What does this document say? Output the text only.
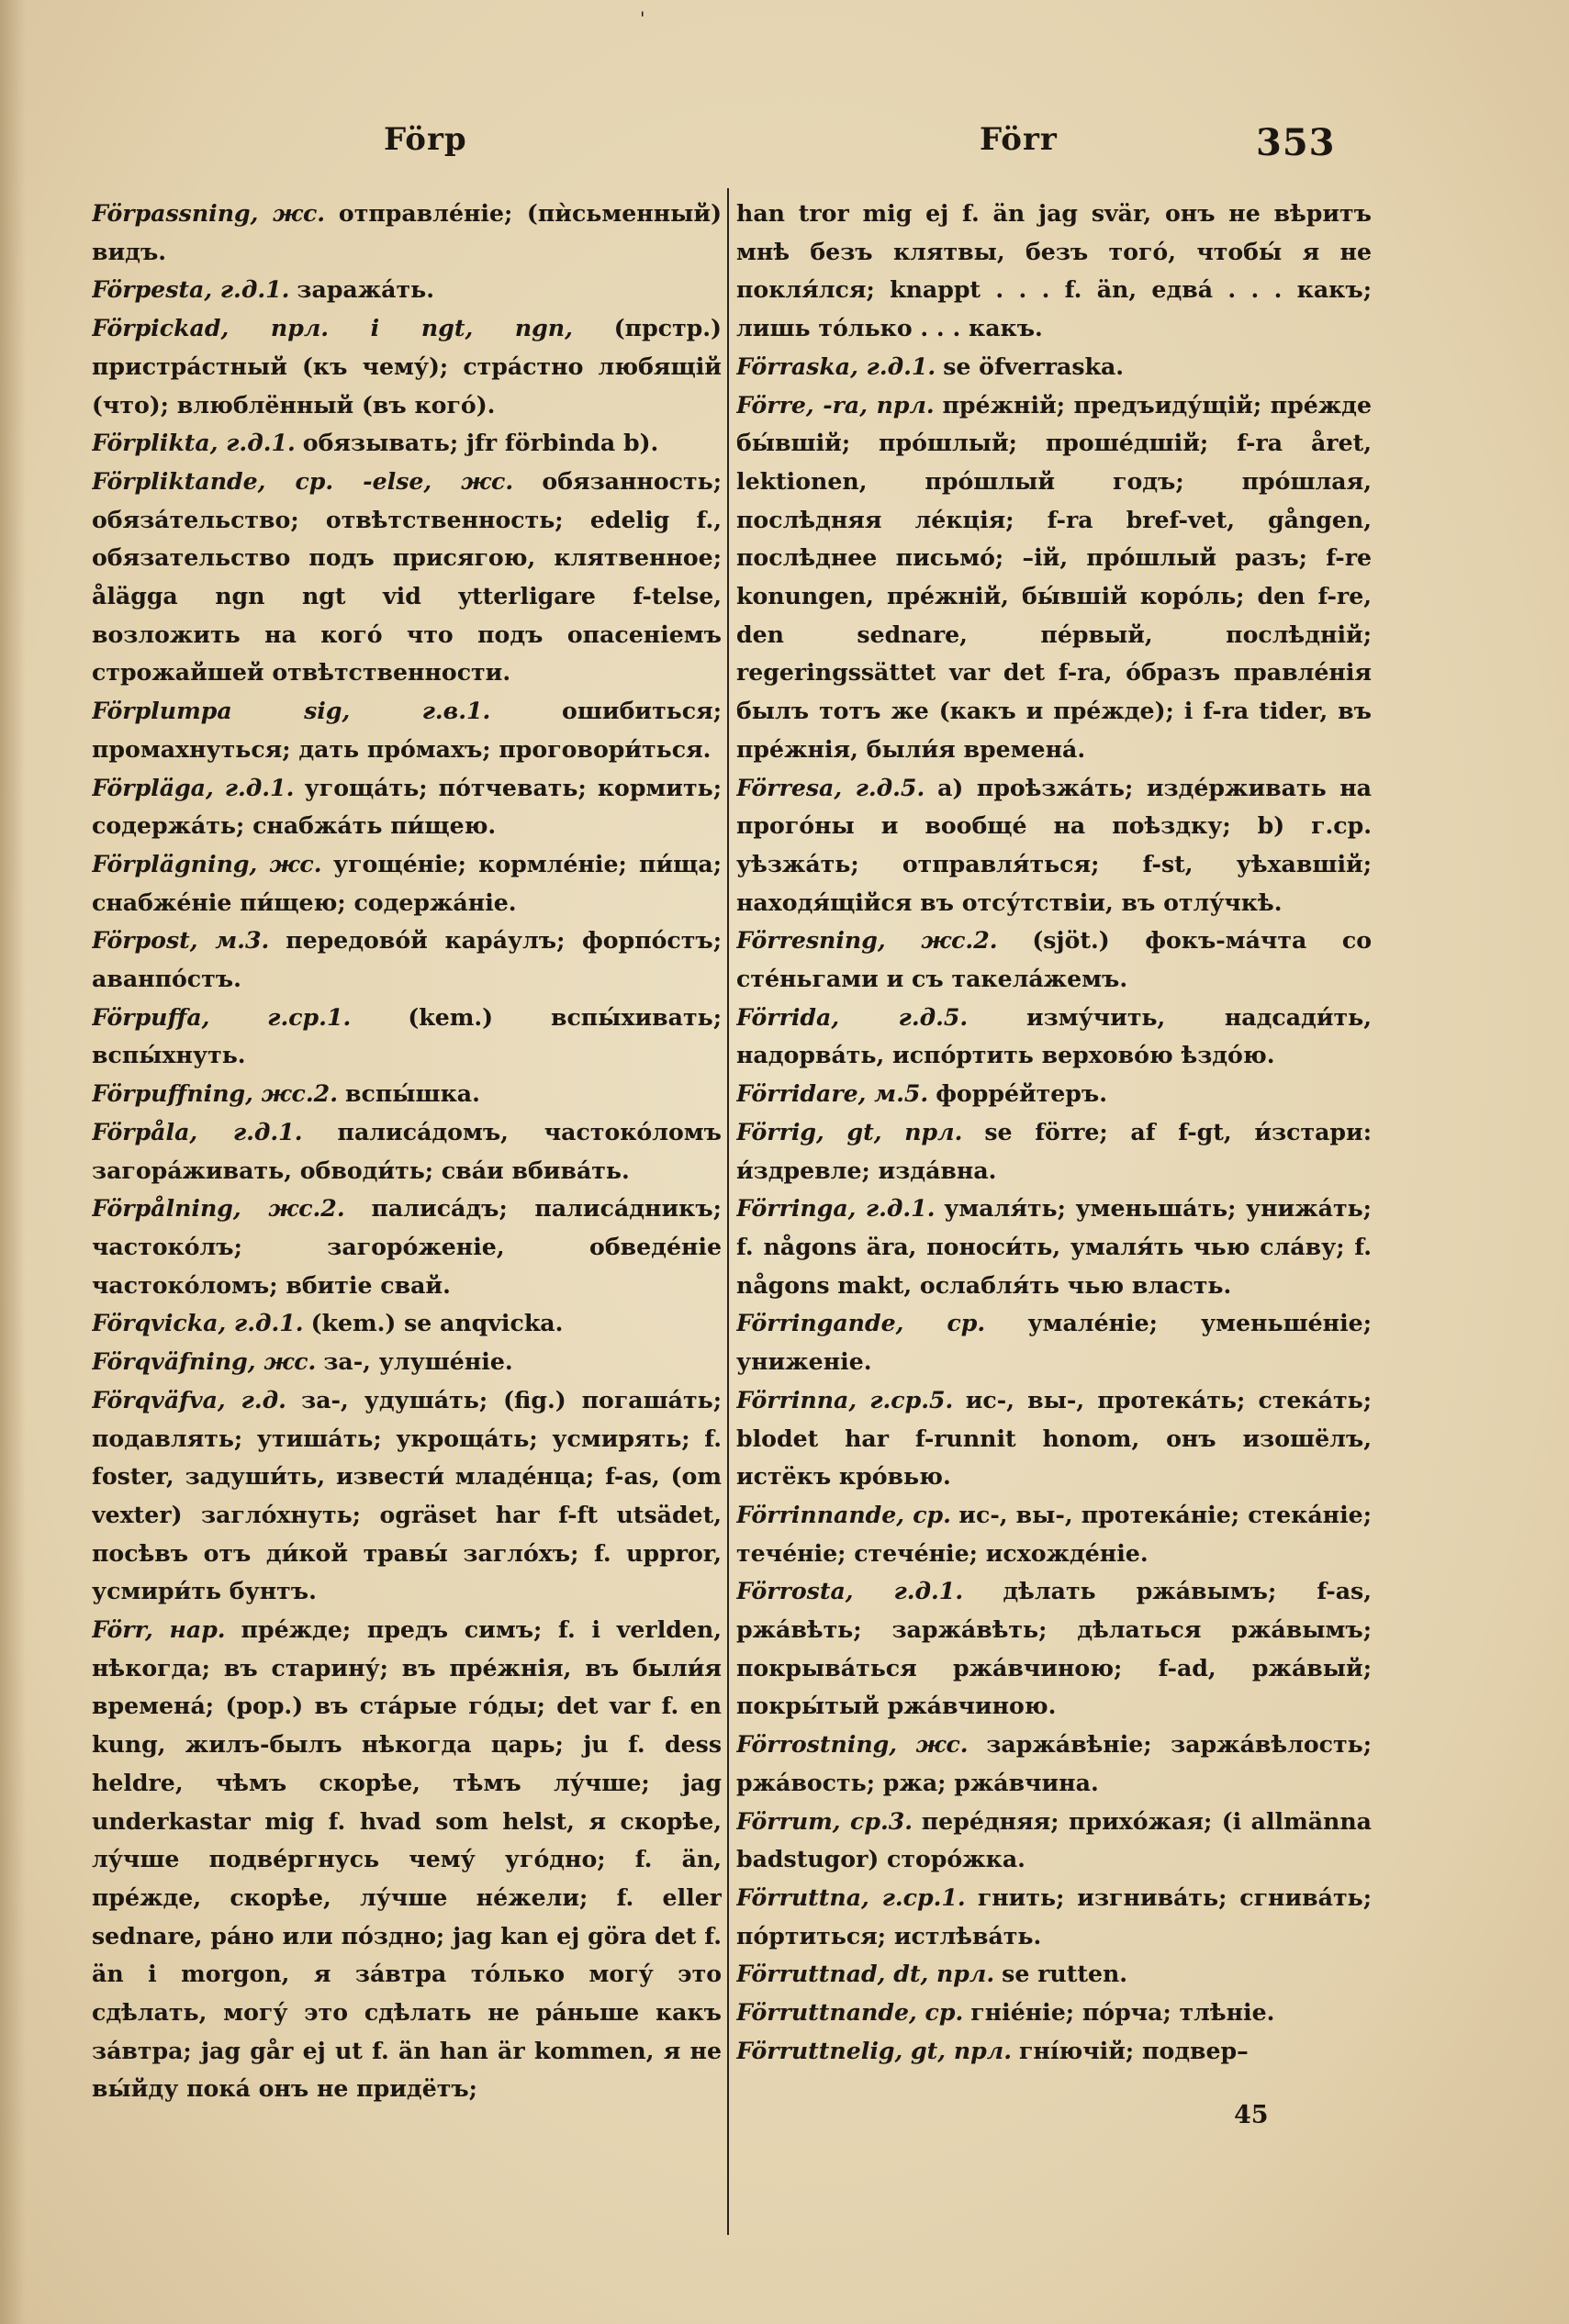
'
Förp	Förr	353

Förpassning, жс. отправлéніе; (пѝсьменный) видъ.

Förpesta, г.д.1. заражáть.

Förpickad, прл. i ngt, ngn, (прстр.) пристрáстный (къ чему́); стрáстно любящій (что); влюблённый (въ когó).

Förplikta, г.д.1. обязывать; jfr förbinda b).

Förpliktande, ср. -else, жс. обязанность; обязáтельство; отвѣтственность; edelig f., обязательство подъ присягою, клятвенное; ålägga ngn ngt vid ytterligare f-telse, возложить на когó что подъ опасеніемъ строжайшей отвѣтственности.

Förplumpa sig, г.в.1.	ошибиться; промахнуться; дать прóмахъ; проговори́ться.

Förpläga, г.д.1. угощáть; пóтчевать; кормить; содержáть; снабжáть пи́щею.

Förplägning, жс. угощéніе; кормлéніе; пи́ща; снабжéніе пи́щею; содержáніе.

Förpost, м.3. передовóй карáулъ; форпóстъ; аванпóстъ.

Förpuffa, г.ср.1. (kem.) вспы́хивать; вспы́хнуть.

Förpuffning, жс.2. вспы́шка.

Förpåla, г.д.1. палисáдомъ, частокóломъ загорáживать, обводи́ть; свáи вбивáть.

Förpålning, жс.2. палисáдъ; палисáдникъ; частокóлъ; загорóженіе, обведéніе частокóломъ; вбитіе свай.

Förqvicka, г.д.1. (kem.) se anqvicka.

Förqväfning, жс. за-, улушéніе.

Förqväfva, г.д. за-, удушáть; (fig.) погашáть; подавлять; утишáть; укрощáть; усмирять; f. foster, задуши́ть, извести́ младéнца; f-as, (om vexter) заглóхнуть; ogräset har f-ft utsädet, посѣвъ отъ ди́кой травы́ заглóхъ; f. uppror, усмири́ть бунтъ.

Förr, нар. прéжде; предъ симъ; f. i verlden, нѣкогда; въ старину́; въ прéжнія, въ были́я временá; (рор.) въ стáрые гóды; det var f. en kung, жилъ-былъ нѣкогда царь; ju f. dess heldre, чѣмъ скорѣе, тѣмъ лу́чше; jag underkastar mig f. hvad som helst, я скорѣе, лу́чше подвéргнусь чему́ угóдно; f. än, прéжде, скорѣе, лу́чше нéжели; f. eller sednare, рáно или пóздно; jag kan ej göra det f. än i morgon, я зáвтра тóлько могу́ это сдѣлать, могу́ это сдѣлать не рáньше какъ зáвтра; jag går ej ut f. än han är kommen, я не вы́йду покá онъ не придётъ;

han tror mig ej f. än jag svär, онъ не вѣритъ мнѣ безъ клятвы, безъ тогó, чтобы́ я не покля́лся; knappt . . . f. än, едвá . . . какъ; лишь тóлько . . . какъ.

Förraska, г.д.1. se öfverraska.

Förre, -ra, прл. прéжній; предъиду́щій; прéжде бы́вшій; прóшлый; прошéдшій; f-ra året, lektionen, прóшлый годъ; прóшлая, послѣдняя лéкція; f-ra bref-vet, gången, послѣднее письмó; –ій, прóшлый разъ; f-re konungen, прéжній, бы́вшій корóль; den f-re, den sednare, пéрвый, послѣдній; regeringssättet var det f-ra, óбразъ правлéнія былъ тотъ же (какъ и прéжде); i f-ra tider, въ прéжнія, были́я временá.

Förresa, г.д.5. а) проѣзжáть; издéрживать на прогóны и вообщé на поѣздку; b) г.ср. уѣзжáть; отправля́ться; f-st, уѣхавшій; находя́щійся въ отсу́тствіи, въ отлу́чкѣ.

Förresning, жс.2. (sjöt.) фокъ-мáчта со стéньгами и съ такелáжемъ.

Förrida, г.д.5.	изму́чить, надсади́ть, надорвáть, испóртить верховóю ѣздóю.

Förridare, м.5. форрéйтеръ.

Förrig, gt, прл. se förre; af f-gt, и́зстари: и́здревле; издáвна.

Förringa, г.д.1. умаля́ть; уменьшáть; унижáть; f. någons ära, поноси́ть, умаля́ть чью слáву; f. någons makt, ослабля́ть чью власть.

Förringande, ср. умалéніе; уменьшéніе; униженіе.

Förrinna, г.ср.5. ис-, вы-, протекáть; стекáть; blodet har f-runnit honom, онъ изошёлъ, истёкъ крóвью.

Förrinnande, ср. ис-, вы-, протекáніе; стекáніе; течéніе; стечéніе; исхождéніе.

Förrosta, г.д.1. дѣлать ржáвымъ; f-as, ржáвѣть; заржáвѣть; дѣлаться ржáвымъ; покрывáться ржáвчиною; f-ad, ржáвый; покры́тый ржáвчиною.

Förrostning, жс. заржáвѣніе; заржáвѣлость; ржáвость; ржа; ржáвчина.

Förrum, ср.3. перéдняя; прихóжая; (i allmänna badstugor) сторóжка.

Förruttna, г.ср.1. гнить; изгнивáть; сгнивáть; пóртиться; истлѣвáть.

Förruttnad, dt, прл. se rutten.

Förruttnande, ср. гніéніе; пóрча; тлѣніе.

Förruttnelig, gt, прл. гні́ючій; подвер–

45
